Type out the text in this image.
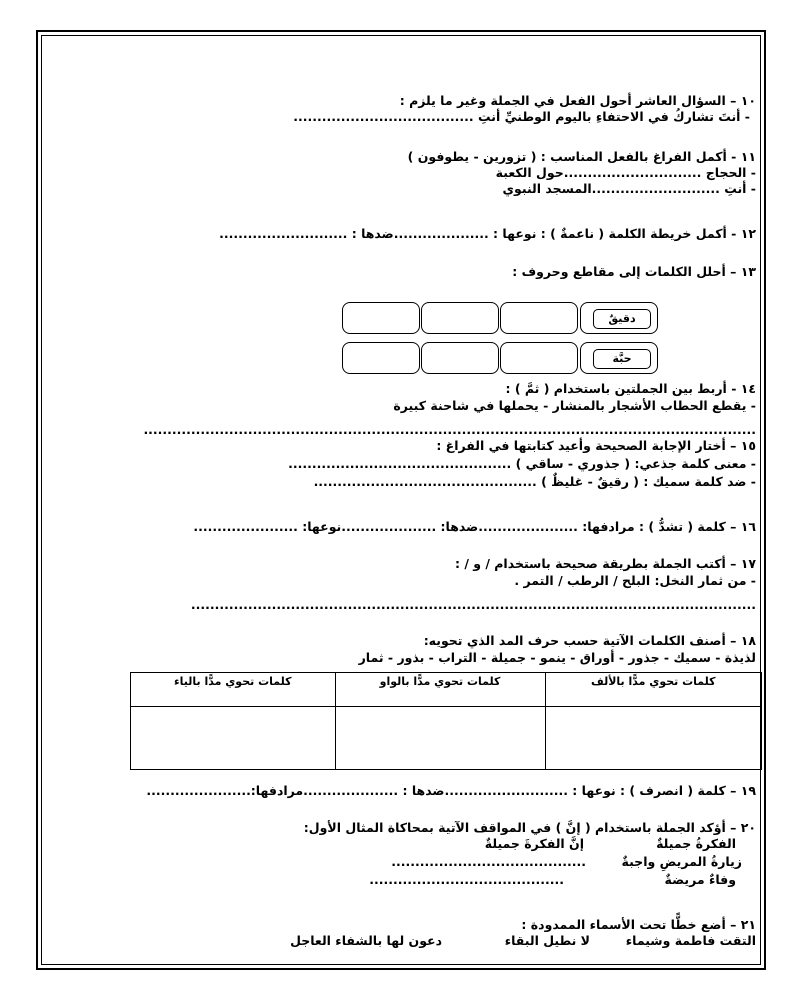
١٠ – السؤال العاشر أحول الفعل في الجملة وغير ما يلزم :
- أنتَ تشاركُ في الاحتفاءِ باليوم الوطنيِّ أنتِ ......................................
١١ - أكمل الفراغ بالفعل المناسب : ( تزورين - يطوفون )
- الحجاج .............................حول الكعبة
- أنتِ ...........................المسجد النبوي
١٢ - أكمل خريطة الكلمة ( ناعمةٌ ) : نوعها : ....................ضدها : ...........................
١٣ – أحلل الكلمات إلى مقاطع وحروف :
دقيقٌ
حبَّة
١٤ - أربط بين الجملتين باستخدام ( ثمَّ ) :
- يقطع الحطاب الأشجار بالمنشار - يحملها في شاحنة كبيرة
.................................................................................................................................
١٥ – أختار الإجابة الصحيحة وأعيد كتابتها في الفراغ :
- معنى كلمة جذعي: ( جذوري - ساقي ) ...............................................
- ضد كلمة سميك : ( رقيقٌ - غليظٌ ) ...............................................
١٦ – كلمة ( تشدُّ ) : مرادفها: .....................ضدها: ....................نوعها: ......................
١٧ – أكتب الجملة بطريقة صحيحة باستخدام / و / :
- من ثمار النخل: البلح / الرطب / التمر .
.......................................................................................................................
١٨ – أصنف الكلمات الآتية حسب حرف المد الذي تحويه:
لذيذة - سميك - جذور - أوراق - ينمو - جميلة - التراب - بذور - ثمار
كلمات تحوي مدًّا بالألف	كلمات تحوي مدًّا بالواو	كلمات تحوي مدًّا بالياء

١٩ – كلمة ( انصرف ) : نوعها : ..........................ضدها : ....................مرادفها:......................
٢٠ – أؤكد الجملة باستخدام ( إنَّ ) في المواقف الآتية بمحاكاة المثال الأول:
الفكرةُ جميلةٌ
إنَّ الفكرةَ جميلةٌ
زيارةُ المريضِ واجبةٌ
.........................................
وفاءٌ مريضةٌ
.........................................
٢١ – أضع خطًّا تحت الأسماء الممدودة :
التقت فاطمة وشيماء
لا نطيل البقاء
دعون لها بالشفاء العاجل
